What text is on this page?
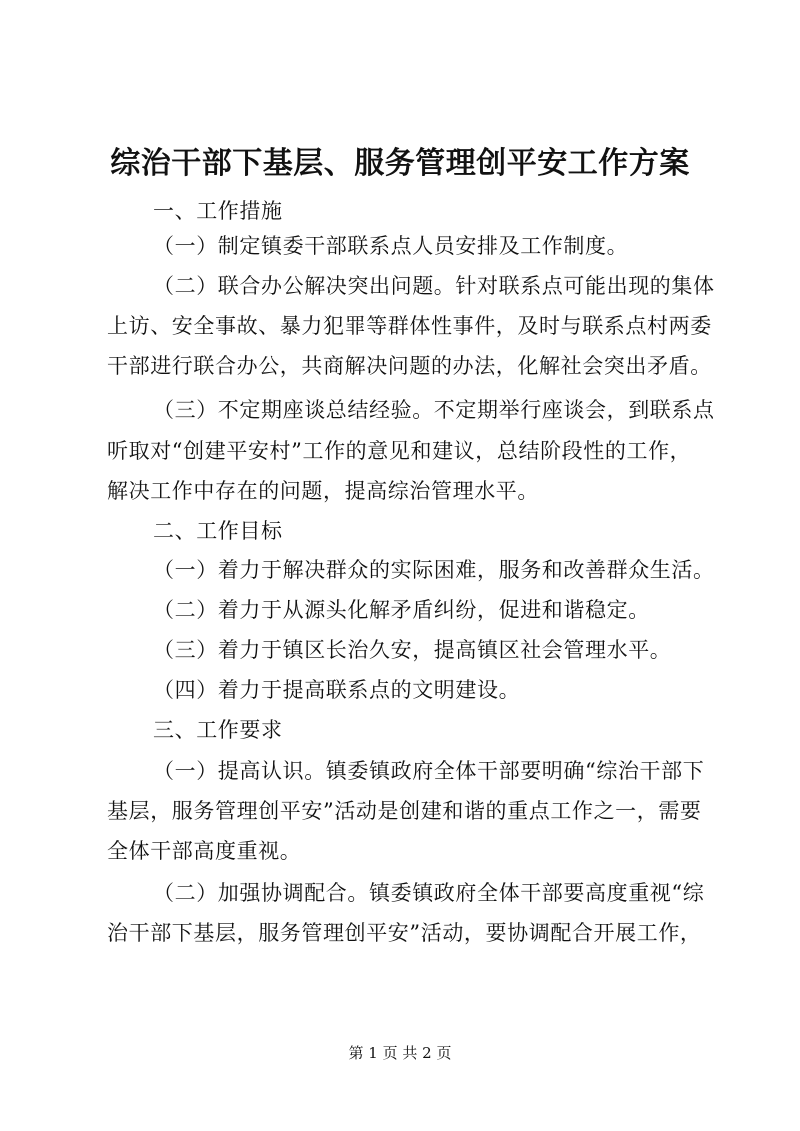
综治干部下基层、服务管理创平安工作方案
一、工作措施
（一）制定镇委干部联系点人员安排及工作制度。
（二）联合办公解决突出问题。针对联系点可能出现的集体
上访、安全事故、暴力犯罪等群体性事件，及时与联系点村两委
干部进行联合办公，共商解决问题的办法，化解社会突出矛盾。
（三）不定期座谈总结经验。不定期举行座谈会，到联系点
听取对“创建平安村”工作的意见和建议，总结阶段性的工作，
解决工作中存在的问题，提高综治管理水平。
二、工作目标
（一）着力于解决群众的实际困难，服务和改善群众生活。
（二）着力于从源头化解矛盾纠纷，促进和谐稳定。
（三）着力于镇区长治久安，提高镇区社会管理水平。
（四）着力于提高联系点的文明建设。
三、工作要求
（一）提高认识。镇委镇政府全体干部要明确“综治干部下
基层，服务管理创平安”活动是创建和谐的重点工作之一，需要
全体干部高度重视。
（二）加强协调配合。镇委镇政府全体干部要高度重视“综
治干部下基层，服务管理创平安”活动，要协调配合开展工作，
第 1 页 共 2 页
